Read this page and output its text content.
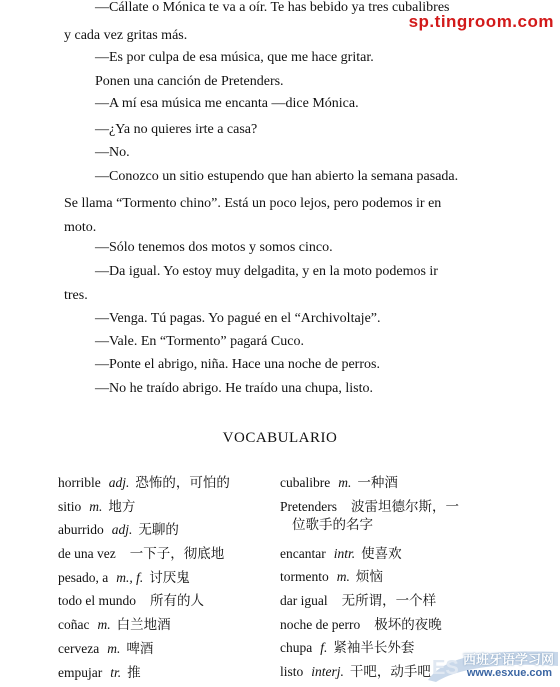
sp.tingroom.com
—Cállate o Mónica te va a oír. Te has bebido ya tres cubalibres
y cada vez gritas más.
—Es por culpa de esa música, que me hace gritar.
Ponen una canción de Pretenders.
—A mí esa música me encanta —dice Mónica.
—¿Ya no quieres irte a casa?
—No.
—Conozco un sitio estupendo que han abierto la semana pasada.
Se llama “Tormento chino”. Está un poco lejos, pero podemos ir en
moto.
—Sólo tenemos dos motos y somos cinco.
—Da igual. Yo estoy muy delgadita, y en la moto podemos ir
tres.
—Venga. Tú pagas. Yo pagué en el “Archivoltaje”.
—Vale. En “Tormento” pagará Cuco.
—Ponte el abrigo, niña. Hace una noche de perros.
—No he traído abrigo. He traído una chupa, listo.
VOCABULARIO
horrible adj. 恐怖的，可怕的
sitio m. 地方
aburrido adj. 无聊的
de una vez 一下子，彻底地
pesado, a m., f. 讨厌鬼
todo el mundo 所有的人
coñac m. 白兰地酒
cerveza m. 啤酒
empujar tr. 推
cubalibre m. 一种酒
Pretenders 波雷坦德尔斯，一
位歌手的名字
encantar intr. 使喜欢
tormento m. 烦恼
dar igual 无所谓，一个样
noche de perro 极坏的夜晚
chupa f. 紧袖半长外套
listo interj. 干吧，动手吧 ES 西班牙语学习网
www.esxue.com
